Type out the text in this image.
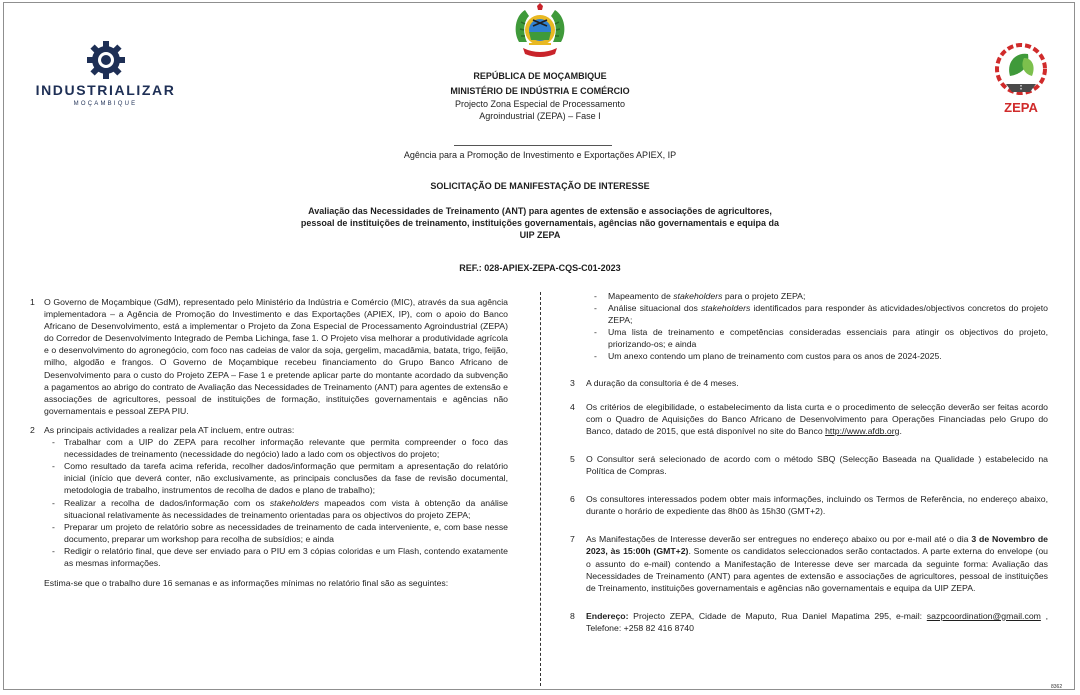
INDUSTRIALIZAR
MOÇAMBIQUE	ZEPA
REPÚBLICA DE MOÇAMBIQUE
MINISTÉRIO DE INDÚSTRIA E COMÉRCIO
Projecto Zona Especial de Processamento
Agroindustrial (ZEPA) – Fase I
Agência para a Promoção de Investimento e Exportações APIEX, IP
SOLICITAÇÃO DE MANIFESTAÇÃO DE INTERESSE
Avaliação das Necessidades de Treinamento (ANT) para agentes de extensão e associações de agricultores, pessoal de instituições de treinamento, instituições governamentais, agências não governamentais e equipa da UIP ZEPA
REF.: 028-APIEX-ZEPA-CQS-C01-2023
1 O Governo de Moçambique (GdM), representado pelo Ministério da Indústria e Comércio (MIC), através da sua agência implementadora – a Agência de Promoção do Investimento e das Exportações (APIEX, IP), com o apoio do Banco Africano de Desenvolvimento, está a implementar o Projeto da Zona Especial de Processamento Agroindustrial (ZEPA) do Corredor de Desenvolvimento Integrado de Pemba Lichinga, fase 1. O Projeto visa melhorar a produtividade agrícola e o desenvolvimento do agronegócio, com foco nas cadeias de valor da soja, gergelim, macadâmia, batata, trigo, feijão, milho, algodão e frangos. O Governo de Moçambique recebeu financiamento do Grupo Banco Africano de Desenvolvimento para o custo do Projeto ZEPA – Fase 1 e pretende aplicar parte do montante acordado da subvenção a pagamentos ao abrigo do contrato de Avaliação das Necessidades de Treinamento (ANT) para agentes de extensão e associações de agricultores, pessoal de instituições de formação, instituições governamentais e agências não governamentais e pessoal ZEPA PIU.
2 As principais actividades a realizar pela AT incluem, entre outras:
- Trabalhar com a UIP do ZEPA para recolher informação relevante que permita compreender o foco das necessidades de treinamento (necessidade do negócio) lado a lado com os objectivos do projeto;
- Como resultado da tarefa acima referida, recolher dados/informação que permitam a apresentação do relatório inicial (início que deverá conter, não exclusivamente, as principais conclusões da fase de revisão documental, metodologia de trabalho, instrumentos de recolha de dados e plano de trabalho);
- Realizar a recolha de dados/informação com os stakeholders mapeados com vista à obtenção da análise situacional relativamente às necessidades de treinamento orientadas para os objectivos do projeto ZEPA;
- Preparar um projeto de relatório sobre as necessidades de treinamento de cada interveniente, e, com base nesse documento, preparar um workshop para recolha de subsídios; e ainda
- Redigir o relatório final, que deve ser enviado para o PIU em 3 cópias coloridas e um Flash, contendo exatamente as mesmas informações.
Estima-se que o trabalho dure 16 semanas e as informações mínimas no relatório final são as seguintes:
- Mapeamento de stakeholders para o projeto ZEPA;
- Análise situacional dos stakeholders identificados para responder às aticvidades/objectivos concretos do projeto ZEPA;
- Uma lista de treinamento e competências consideradas essenciais para atingir os objectivos do projeto, priorizando-os; e ainda
- Um anexo contendo um plano de treinamento com custos para os anos de 2024-2025.
3 A duração da consultoria é de 4 meses.
4 Os critérios de elegibilidade, o estabelecimento da lista curta e o procedimento de selecção deverão ser feitas acordo com o Quadro de Aquisições do Banco Africano de Desenvolvimento para Operações Financiadas pelo Grupo do Banco, datado de 2015, que está disponível no site do Banco http://www.afdb.org.
5 O Consultor será selecionado de acordo com o método SBQ (Selecção Baseada na Qualidade ) estabelecido na Política de Compras.
6 Os consultores interessados podem obter mais informações, incluindo os Termos de Referência, no endereço abaixo, durante o horário de expediente das 8h00 às 15h30 (GMT+2).
7 As Manifestações de Interesse deverão ser entregues no endereço abaixo ou por e-mail até o dia 3 de Novembro de 2023, às 15:00h (GMT+2). Somente os candidatos seleccionados serão contactados. A parte externa do envelope (ou o assunto do e-mail) contendo a Manifestação de Interesse deve ser marcada da seguinte forma: Avaliação das Necessidades de Treinamento (ANT) para agentes de extensão e associações de agricultores, pessoal de instituições de Treinamento, instituições governamentais e agências não governamentais e equipa da UIP ZEPA.
8 Endereço: Projecto ZEPA, Cidade de Maputo, Rua Daniel Mapatima 295, e-mail: sazpcoordination@gmail.com , Telefone: +258 82 416 8740
8362
